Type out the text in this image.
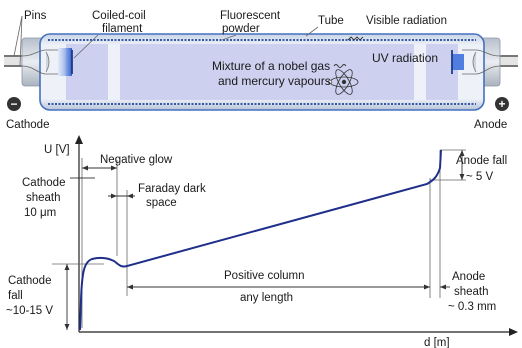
−	+
Mixture of a nobel gas
and mercury vapours
UV radiation
Pins	Coiled-coil
filament
Fluorescent
powder
Tube Visible radiation
Cathode	Anode
U [V]
d [m]
Negative glow
Cathode
sheath
10 μm
Faraday dark
space
Anode fall
~ 5 V
Cathode
fall
~10-15 V
Positive column
any length
Anode
sheath
~ 0.3 mm
